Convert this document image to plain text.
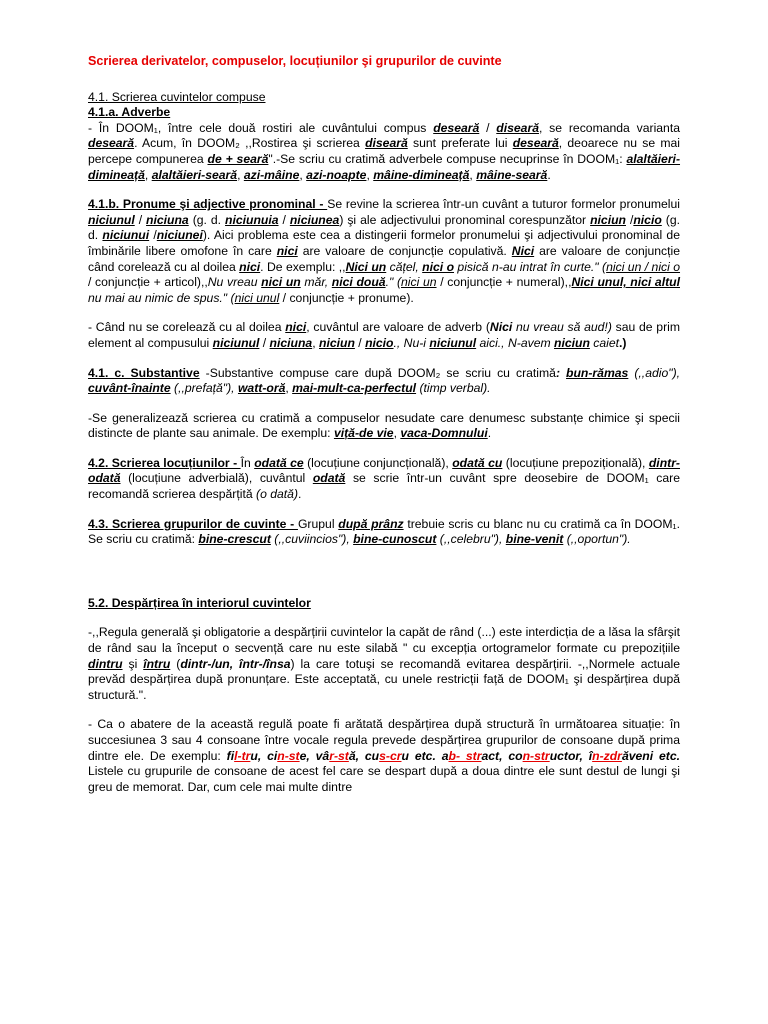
Scrierea derivatelor, compuselor, locuțiunilor şi grupurilor de cuvinte

4.1. Scrierea cuvintelor compuse

4.1.a. Adverbe

- În DOOM₁, între cele două rostiri ale cuvântului compus deseară / diseară, se recomanda varianta deseară. Acum, în DOOM₂ ,,Rostirea şi scrierea diseară sunt preferate lui deseară, deoarece nu se mai percepe compunerea de + seară".-Se scriu cu cratimă adverbele compuse necuprinse în DOOM₁: alaltăieri-dimineață, alaltăieri-seară, azi-mâine, azi-noapte, mâine-dimineață, mâine-seară.

4.1.b. Pronume şi adjective pronominal - Se revine la scrierea într-un cuvânt a tuturor formelor pronumelui niciunul / niciuna (g. d. niciunuia / niciunea) şi ale adjectivului pronominal corespunzător niciun /nicio (g. d. niciunui /niciunei). Aici problema este cea a distingerii formelor pronumelui şi adjectivului pronominal de îmbinările libere omofone în care nici are valoare de conjuncție copulativă. Nici are valoare de conjuncție când corelează cu al doilea nici. De exemplu: ,,Nici un cățel, nici o pisică n-au intrat în curte." (nici un / nici o / conjuncție + articol),,Nu vreau nici un măr, nici două." (nici un / conjuncție + numeral),,Nici unul, nici altul nu mai au nimic de spus." (nici unul / conjuncție + pronume).

- Când nu se corelează cu al doilea nici, cuvântul are valoare de adverb (Nici nu vreau să aud!) sau de prim element al compusului niciunul / niciuna, niciun / nicio., Nu-i niciunul aici., N-avem niciun caiet.)

4.1. c. Substantive -Substantive compuse care după DOOM₂ se scriu cu cratimă: bun-rămas (,,adio"), cuvânt-înainte (,,prefață"), watt-oră, mai-mult-ca-perfectul (timp verbal).

-Se generalizează scrierea cu cratimă a compuselor nesudate care denumesc substanțe chimice şi specii distincte de plante sau animale. De exemplu: viță-de vie, vaca-Domnului.

4.2. Scrierea locuțiunilor - În odată ce (locuțiune conjuncțională), odată cu (locuțiune prepozițională), dintr-odată (locuțiune adverbială), cuvântul odată se scrie într-un cuvânt spre deosebire de DOOM₁ care recomandă scrierea despărțită (o dată).

4.3. Scrierea grupurilor de cuvinte - Grupul după prânz trebuie scris cu blanc nu cu cratimă ca în DOOM₁. Se scriu cu cratimă: bine-crescut (,,cuviincios"), bine-cunoscut (,,celebru"), bine-venit (,,oportun").

5.2. Despărțirea în interiorul cuvintelor

-,,Regula generală şi obligatorie a despărțirii cuvintelor la capăt de rând (...) este interdicția de a lăsa la sfârşit de rând sau la început o secvență care nu este silabă " cu excepția ortogramelor formate cu prepozițiile dintru şi întru (dintr-/un, într-/însa) la care totuşi se recomandă evitarea despărțirii. -,,Normele actuale prevăd despărțirea după pronunțare. Este acceptată, cu unele restricții față de DOOM₁ şi despărțirea după structură.".

- Ca o abatere de la această regulă poate fi arătată despărțirea după structură în următoarea situație: în succesiunea 3 sau 4 consoane între vocale regula prevede despărțirea grupurilor de consoane după prima dintre ele. De exemplu: fil-tru, cin-ste, vâr-stă, cus-cru etc. ab- stract, con-structor, în-zdrăveni etc. Listele cu grupurile de consoane de acest fel care se despart după a doua dintre ele sunt destul de lungi şi greu de memorat. Dar, cum cele mai multe dintre
